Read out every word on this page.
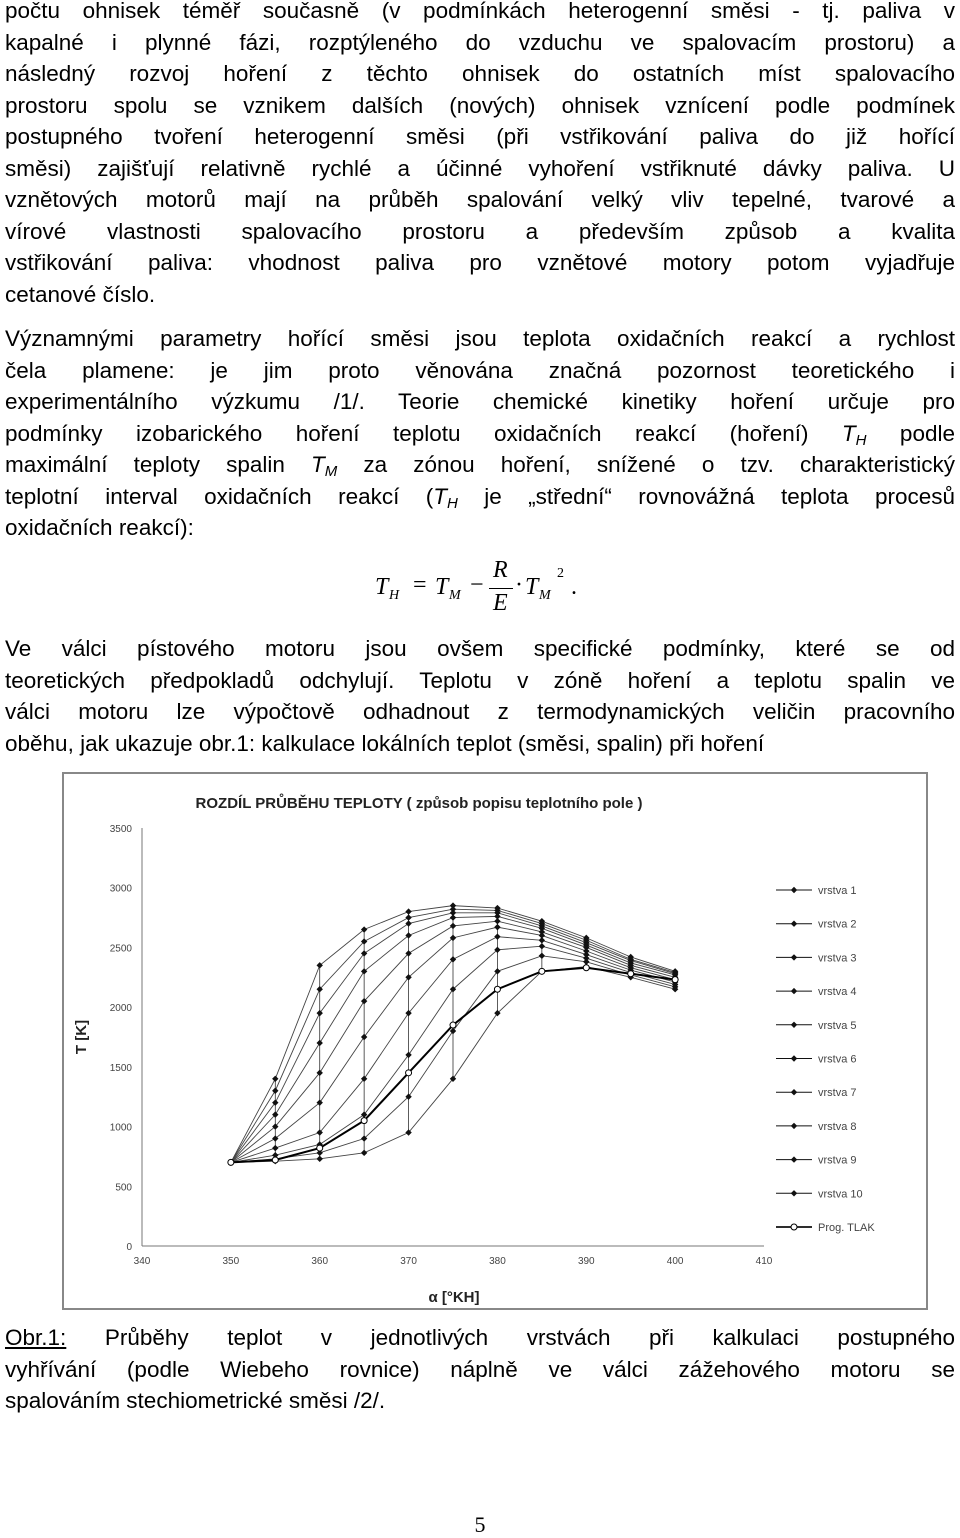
počtu ohnisek téměř současně (v podmínkách heterogenní směsi - tj. paliva v
kapalné i plynné fázi, rozptýleného do vzduchu ve spalovacím prostoru) a
následný rozvoj hoření z těchto ohnisek do ostatních míst spalovacího
prostoru spolu se vznikem dalších (nových) ohnisek vznícení podle podmínek
postupného tvoření heterogenní směsi (při vstřikování paliva do již hořící
směsi) zajišťují relativně rychlé a účinné vyhoření vstřiknuté dávky paliva. U
vznětových motorů mají na průběh spalování velký vliv tepelné, tvarové a
vírové vlastnosti spalovacího prostoru a především způsob a kvalita
vstřikování paliva: vhodnost paliva pro vznětové motory potom vyjadřuje
cetanové číslo.
Významnými parametry hořící směsi jsou teplota oxidačních reakcí a rychlost
čela plamene: je jim proto věnována značná pozornost teoretického i
experimentálního výzkumu /1/. Teorie chemické kinetiky hoření určuje pro
podmínky izobarického hoření teplotu oxidačních reakcí (hoření) $T_H$ podle
maximální teploty spalin $T_M$ za zónou hoření, snížené o tzv. charakteristický
teplotní interval oxidačních reakcí ($T_H$ je „střední“ rovnovážná teplota procesů
oxidačních reakcí):
T H = T M −
R
E
· T M
2
.
Ve válci pístového motoru jsou ovšem specifické podmínky, které se od
teoretických předpokladů odchylují. Teplotu v zóně hoření a teplotu spalin ve
válci motoru lze výpočtově odhadnout z termodynamických veličin pracovního
oběhu, jak ukazuje obr.1: kalkulace lokálních teplot (směsi, spalin) při hoření
ROZDÍL PRŮBĚHU TEPLOTY ( způsob popisu teplotního pole )
0
500
1000
1500
2000
2500
3000
3500
340	350	360	370	380	390	400	410
T [K]
α [°KH]
vrstva 1
vrstva 2
vrstva 3
vrstva 4
vrstva 5
vrstva 6
vrstva 7
vrstva 8
vrstva 9
vrstva 10
Prog. TLAK
Obr.1: Průběhy teplot v jednotlivých vrstvách při kalkulaci postupného
vyhřívání (podle Wiebeho rovnice) náplně ve válci zážehového motoru se
spalováním stechiometrické směsi /2/.
5
